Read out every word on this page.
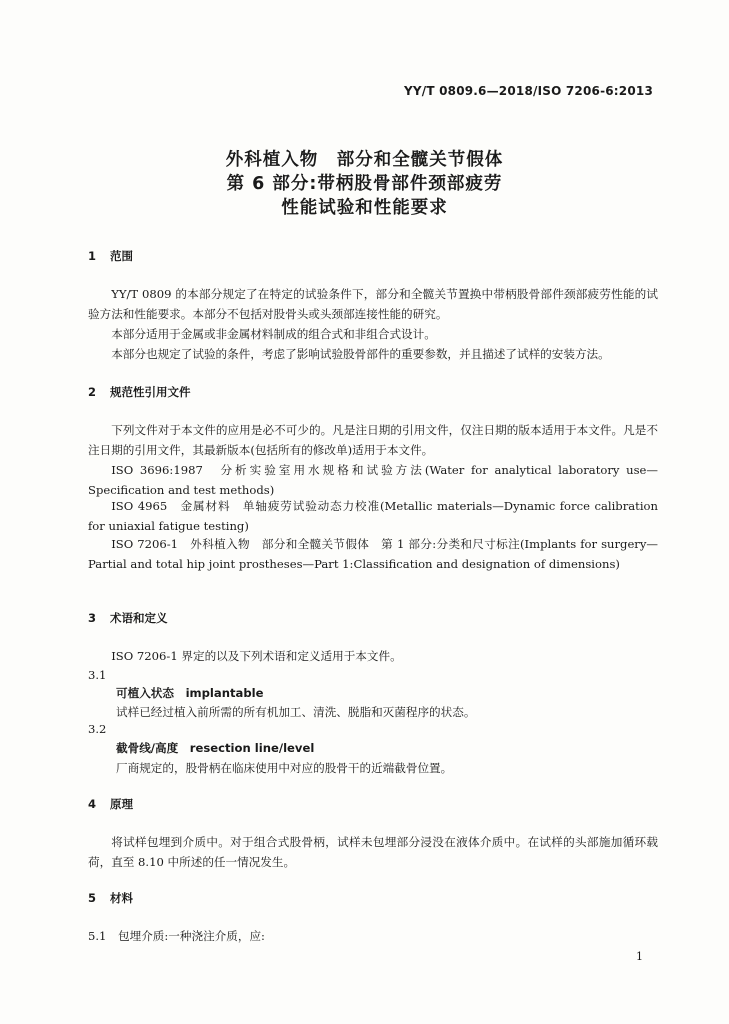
YY/T 0809.6—2018/ISO 7206-6:2013
外科植入物　部分和全髋关节假体
第 6 部分:带柄股骨部件颈部疲劳
性能试验和性能要求
1 范围
YY/T 0809 的本部分规定了在特定的试验条件下，部分和全髋关节置换中带柄股骨部件颈部疲劳性能的试验方法和性能要求。本部分不包括对股骨头或头颈部连接性能的研究。
本部分适用于金属或非金属材料制成的组合式和非组合式设计。
本部分也规定了试验的条件，考虑了影响试验股骨部件的重要参数，并且描述了试样的安装方法。
2 规范性引用文件
下列文件对于本文件的应用是必不可少的。凡是注日期的引用文件，仅注日期的版本适用于本文件。凡是不注日期的引用文件，其最新版本(包括所有的修改单)适用于本文件。
ISO 3696:1987　分析实验室用水规格和试验方法(Water for analytical laboratory use—Specification and test methods)
ISO 4965　金属材料　单轴疲劳试验动态力校准(Metallic materials—Dynamic force calibration for uniaxial fatigue testing)
ISO 7206-1　外科植入物　部分和全髋关节假体　第 1 部分:分类和尺寸标注(Implants for surgery—Partial and total hip joint prostheses—Part 1:Classification and designation of dimensions)
3 术语和定义
ISO 7206-1 界定的以及下列术语和定义适用于本文件。
3.1
可植入状态　implantable
试样已经过植入前所需的所有机加工、清洗、脱脂和灭菌程序的状态。
3.2
截骨线/高度　resection line/level
厂商规定的，股骨柄在临床使用中对应的股骨干的近端截骨位置。
4 原理
将试样包埋到介质中。对于组合式股骨柄，试样未包埋部分浸没在液体介质中。在试样的头部施加循环载荷，直至 8.10 中所述的任一情况发生。
5 材料
5.1 包埋介质:一种浇注介质，应:
1
